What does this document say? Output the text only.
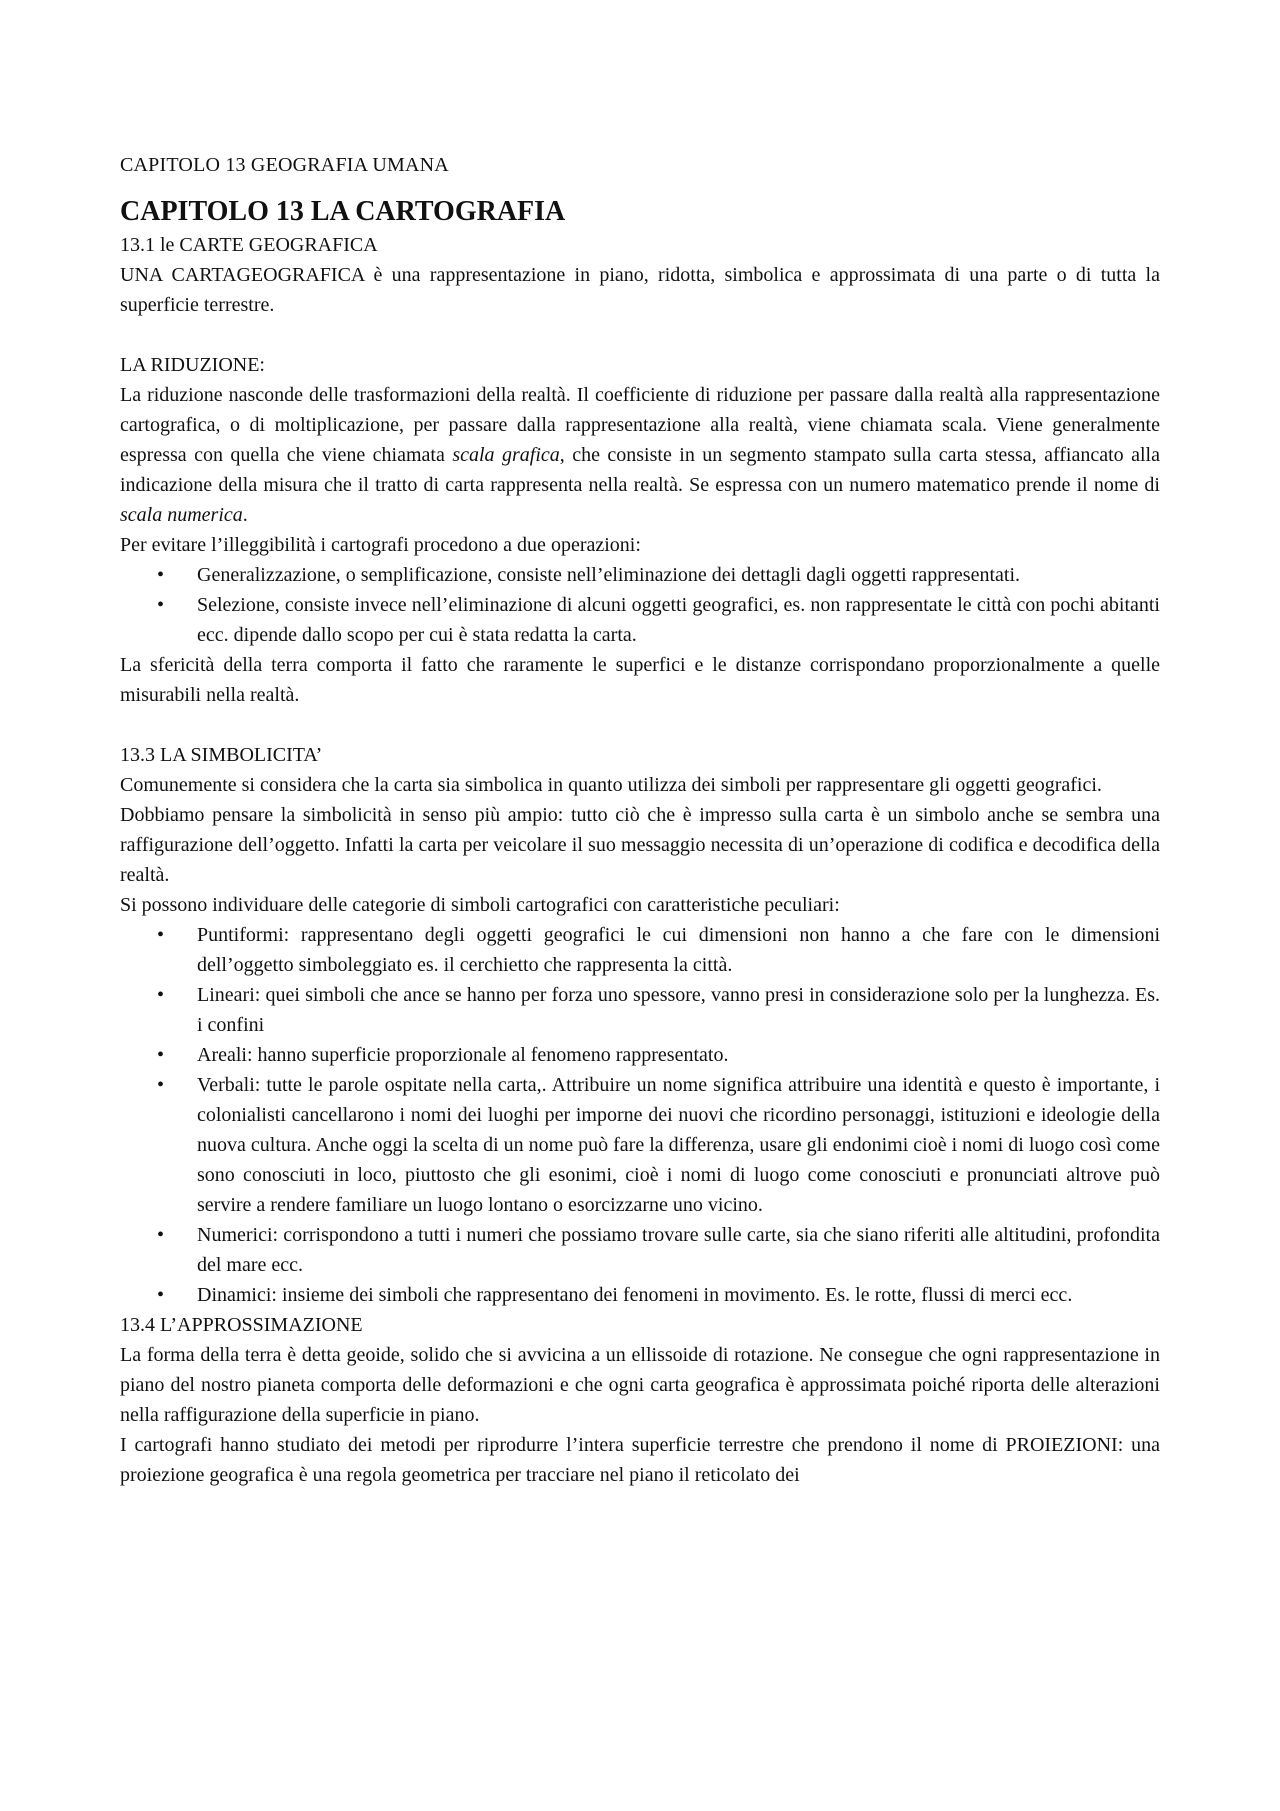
CAPITOLO 13 GEOGRAFIA UMANA

CAPITOLO 13 LA CARTOGRAFIA

13.1 le CARTE GEOGRAFICA

UNA CARTAGEOGRAFICA è una rappresentazione in piano, ridotta, simbolica e approssimata di una parte o di tutta la superficie terrestre.

LA RIDUZIONE:

La riduzione nasconde delle trasformazioni della realtà. Il coefficiente di riduzione per passare dalla realtà alla rappresentazione cartografica, o di moltiplicazione, per passare dalla rappresentazione alla realtà, viene chiamata scala. Viene generalmente espressa con quella che viene chiamata scala grafica, che consiste in un segmento stampato sulla carta stessa, affiancato alla indicazione della misura che il tratto di carta rappresenta nella realtà. Se espressa con un numero matematico prende il nome di scala numerica.

Per evitare l’illeggibilità i cartografi procedono a due operazioni:

• Generalizzazione, o semplificazione, consiste nell’eliminazione dei dettagli dagli oggetti rappresentati.
• Selezione, consiste invece nell’eliminazione di alcuni oggetti geografici, es. non rappresentate le città con pochi abitanti ecc. dipende dallo scopo per cui è stata redatta la carta.

La sfericità della terra comporta il fatto che raramente le superfici e le distanze corrispondano proporzionalmente a quelle misurabili nella realtà.

13.3 LA SIMBOLICITA’

Comunemente si considera che la carta sia simbolica in quanto utilizza dei simboli per rappresentare gli oggetti geografici.

Dobbiamo pensare la simbolicità in senso più ampio: tutto ciò che è impresso sulla carta è un simbolo anche se sembra una raffigurazione dell’oggetto. Infatti la carta per veicolare il suo messaggio necessita di un’operazione di codifica e decodifica della realtà.

Si possono individuare delle categorie di simboli cartografici con caratteristiche peculiari:

• Puntiformi: rappresentano degli oggetti geografici le cui dimensioni non hanno a che fare con le dimensioni dell’oggetto simboleggiato es. il cerchietto che rappresenta la città.
• Lineari: quei simboli che ance se hanno per forza uno spessore, vanno presi in considerazione solo per la lunghezza. Es. i confini
• Areali: hanno superficie proporzionale al fenomeno rappresentato.
• Verbali: tutte le parole ospitate nella carta,. Attribuire un nome significa attribuire una identità e questo è importante, i colonialisti cancellarono i nomi dei luoghi per imporne dei nuovi che ricordino personaggi, istituzioni e ideologie della nuova cultura. Anche oggi la scelta di un nome può fare la differenza, usare gli endonimi cioè i nomi di luogo così come sono conosciuti in loco, piuttosto che gli esonimi, cioè i nomi di luogo come conosciuti e pronunciati altrove può servire a rendere familiare un luogo lontano o esorcizzarne uno vicino.
• Numerici: corrispondono a tutti i numeri che possiamo trovare sulle carte, sia che siano riferiti alle altitudini, profondita del mare ecc.
• Dinamici: insieme dei simboli che rappresentano dei fenomeni in movimento. Es. le rotte, flussi di merci ecc.

13.4 L’APPROSSIMAZIONE

La forma della terra è detta geoide, solido che si avvicina a un ellissoide di rotazione. Ne consegue che ogni rappresentazione in piano del nostro pianeta comporta delle deformazioni e che ogni carta geografica è approssimata poiché riporta delle alterazioni nella raffigurazione della superficie in piano.

I cartografi hanno studiato dei metodi per riprodurre l’intera superficie terrestre che prendono il nome di PROIEZIONI: una proiezione geografica è una regola geometrica per tracciare nel piano il reticolato dei
